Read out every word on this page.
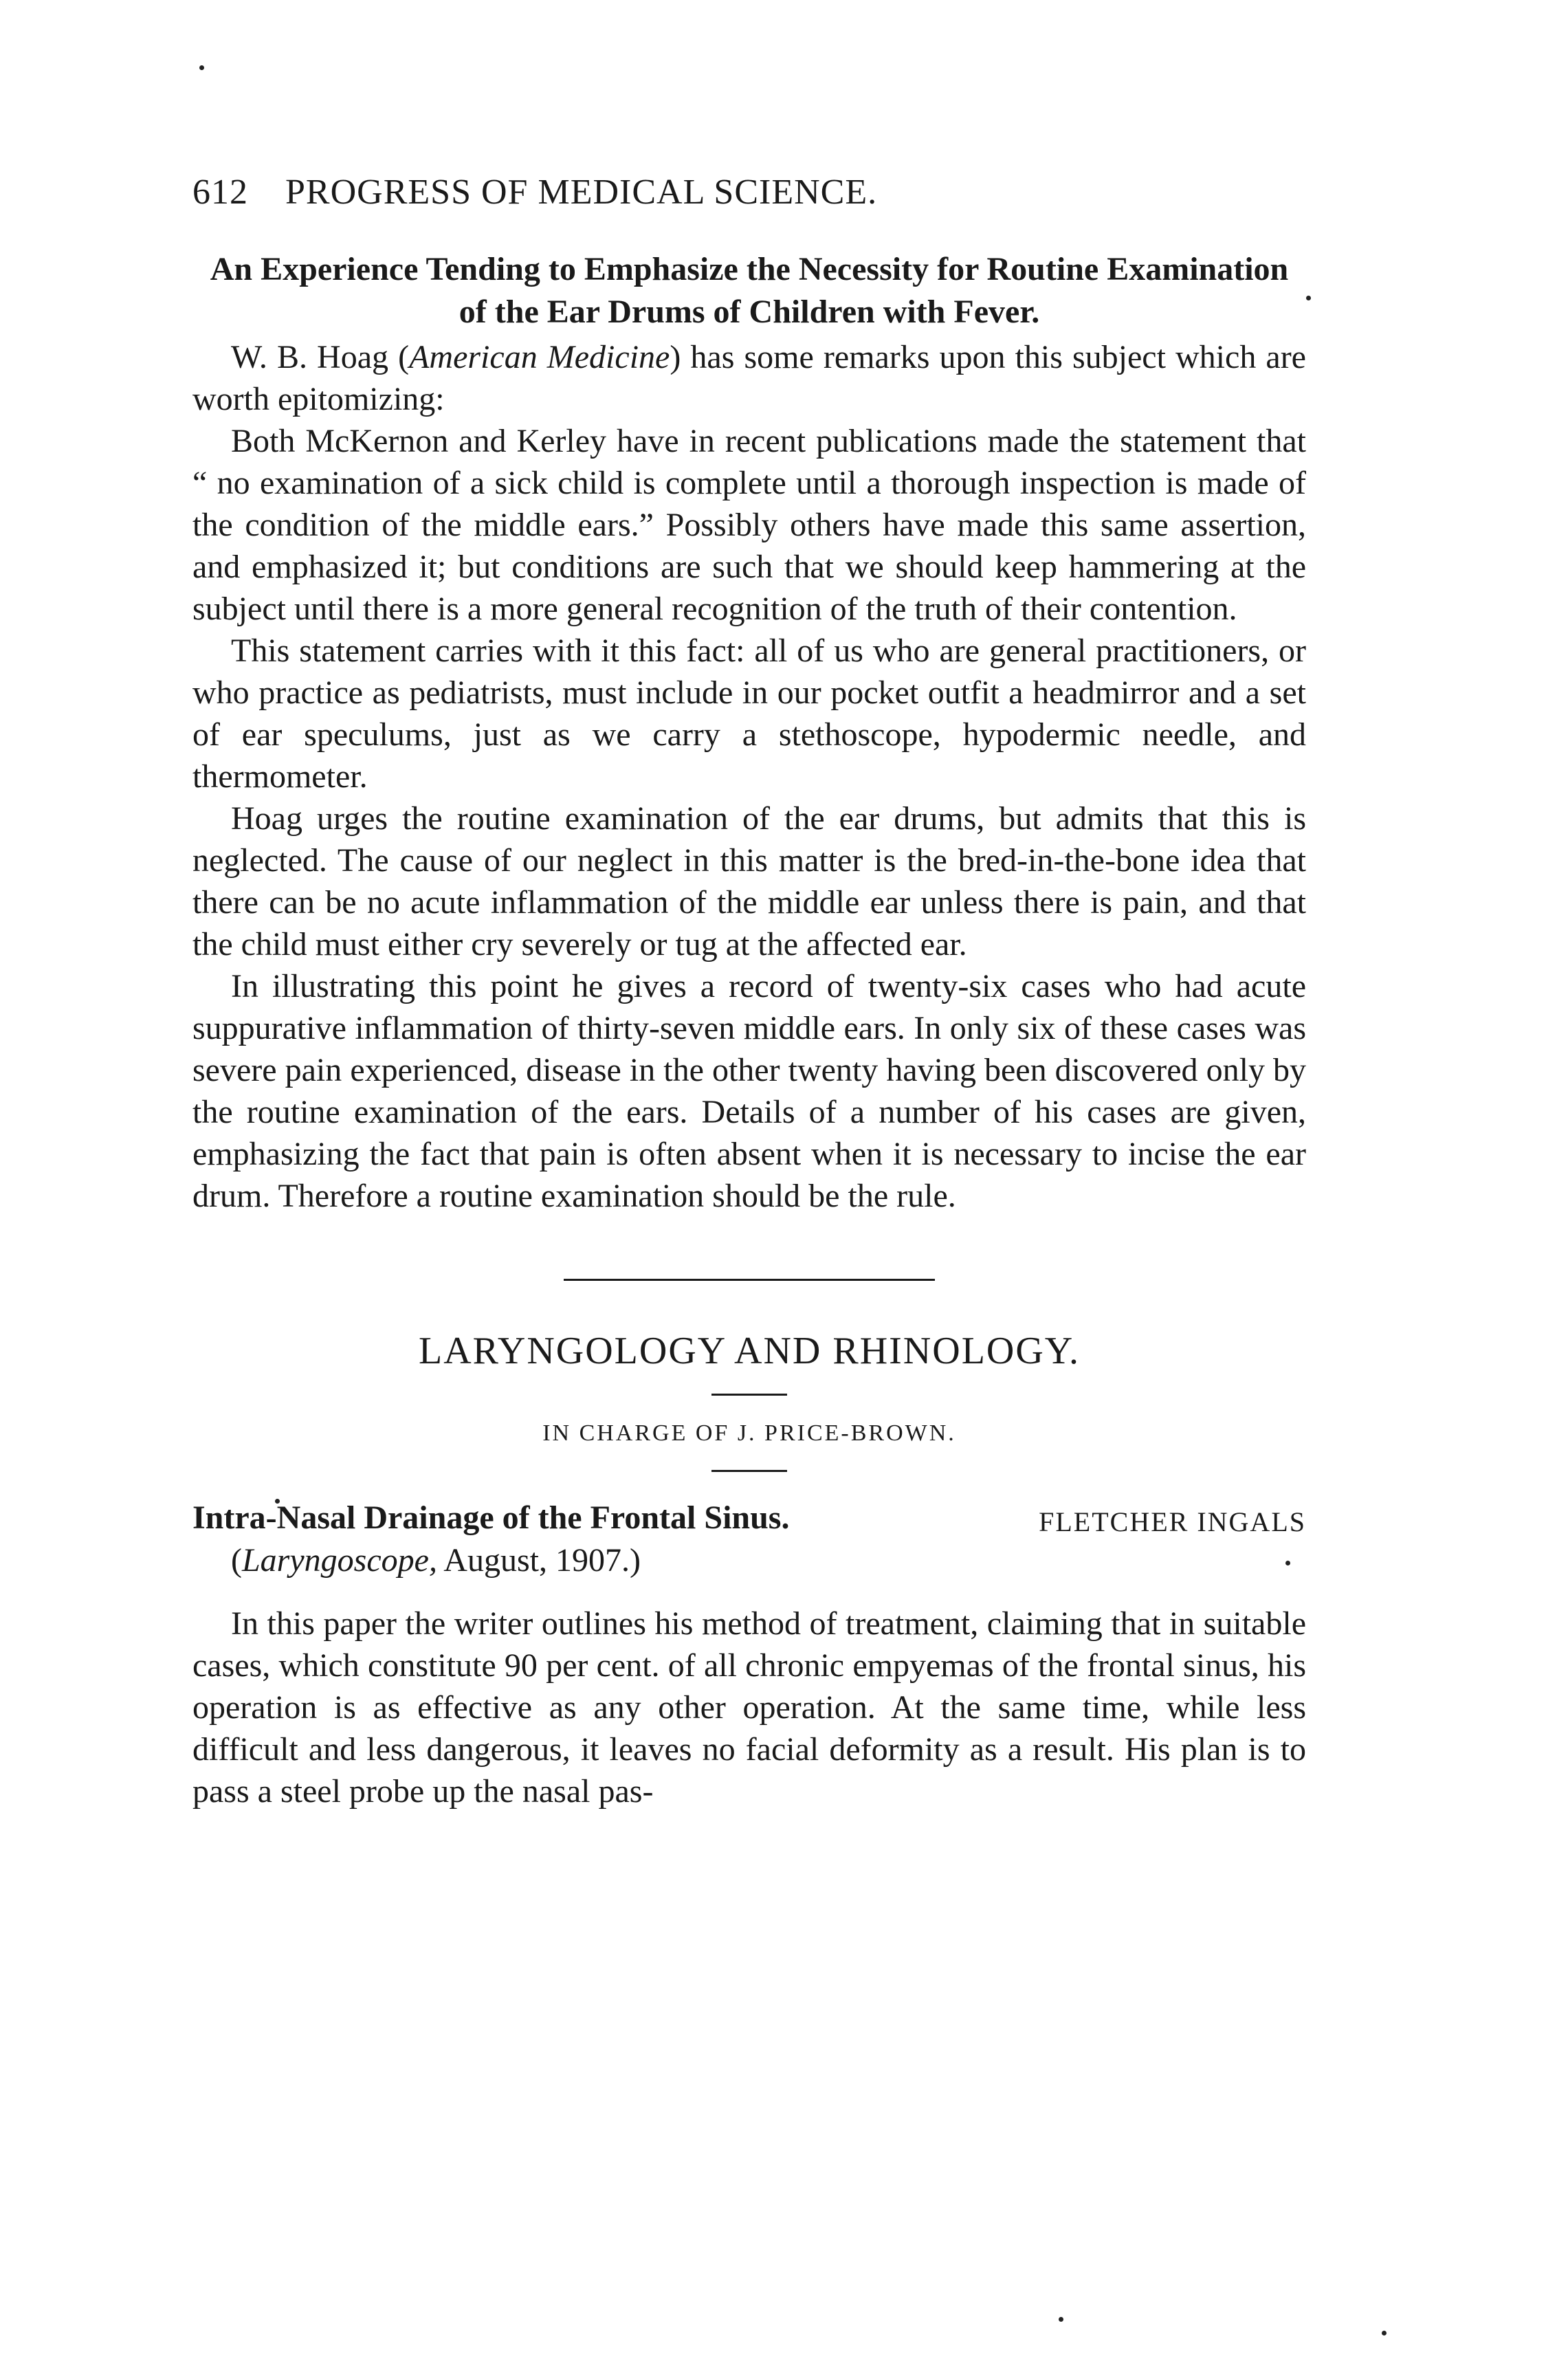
612 PROGRESS OF MEDICAL SCIENCE.
An Experience Tending to Emphasize the Necessity for Routine Examination of the Ear Drums of Children with Fever.

W. B. Hoag (American Medicine) has some remarks upon this subject which are worth epitomizing:

Both McKernon and Kerley have in recent publications made the statement that “ no examination of a sick child is complete until a thorough inspection is made of the condition of the middle ears.” Possibly others have made this same assertion, and emphasized it; but conditions are such that we should keep hammering at the subject until there is a more general recognition of the truth of their contention.

This statement carries with it this fact: all of us who are general practitioners, or who practice as pediatrists, must include in our pocket outfit a headmirror and a set of ear speculums, just as we carry a stethoscope, hypodermic needle, and thermometer.

Hoag urges the routine examination of the ear drums, but admits that this is neglected. The cause of our neglect in this matter is the bred-in-the-bone idea that there can be no acute inflammation of the middle ear unless there is pain, and that the child must either cry severely or tug at the affected ear.

In illustrating this point he gives a record of twenty-six cases who had acute suppurative inflammation of thirty-seven middle ears. In only six of these cases was severe pain experienced, disease in the other twenty having been discovered only by the routine examination of the ears. Details of a number of his cases are given, emphasizing the fact that pain is often absent when it is necessary to incise the ear drum. Therefore a routine examination should be the rule.

LARYNGOLOGY AND RHINOLOGY.
IN CHARGE OF J. PRICE-BROWN.
FLETCHER INGALS
Intra-Nasal Drainage of the Frontal Sinus.
(Laryngoscope, August, 1907.)

In this paper the writer outlines his method of treatment, claiming that in suitable cases, which constitute 90 per cent. of all chronic empyemas of the frontal sinus, his operation is as effective as any other operation. At the same time, while less difficult and less dangerous, it leaves no facial deformity as a result. His plan is to pass a steel probe up the nasal pas-
